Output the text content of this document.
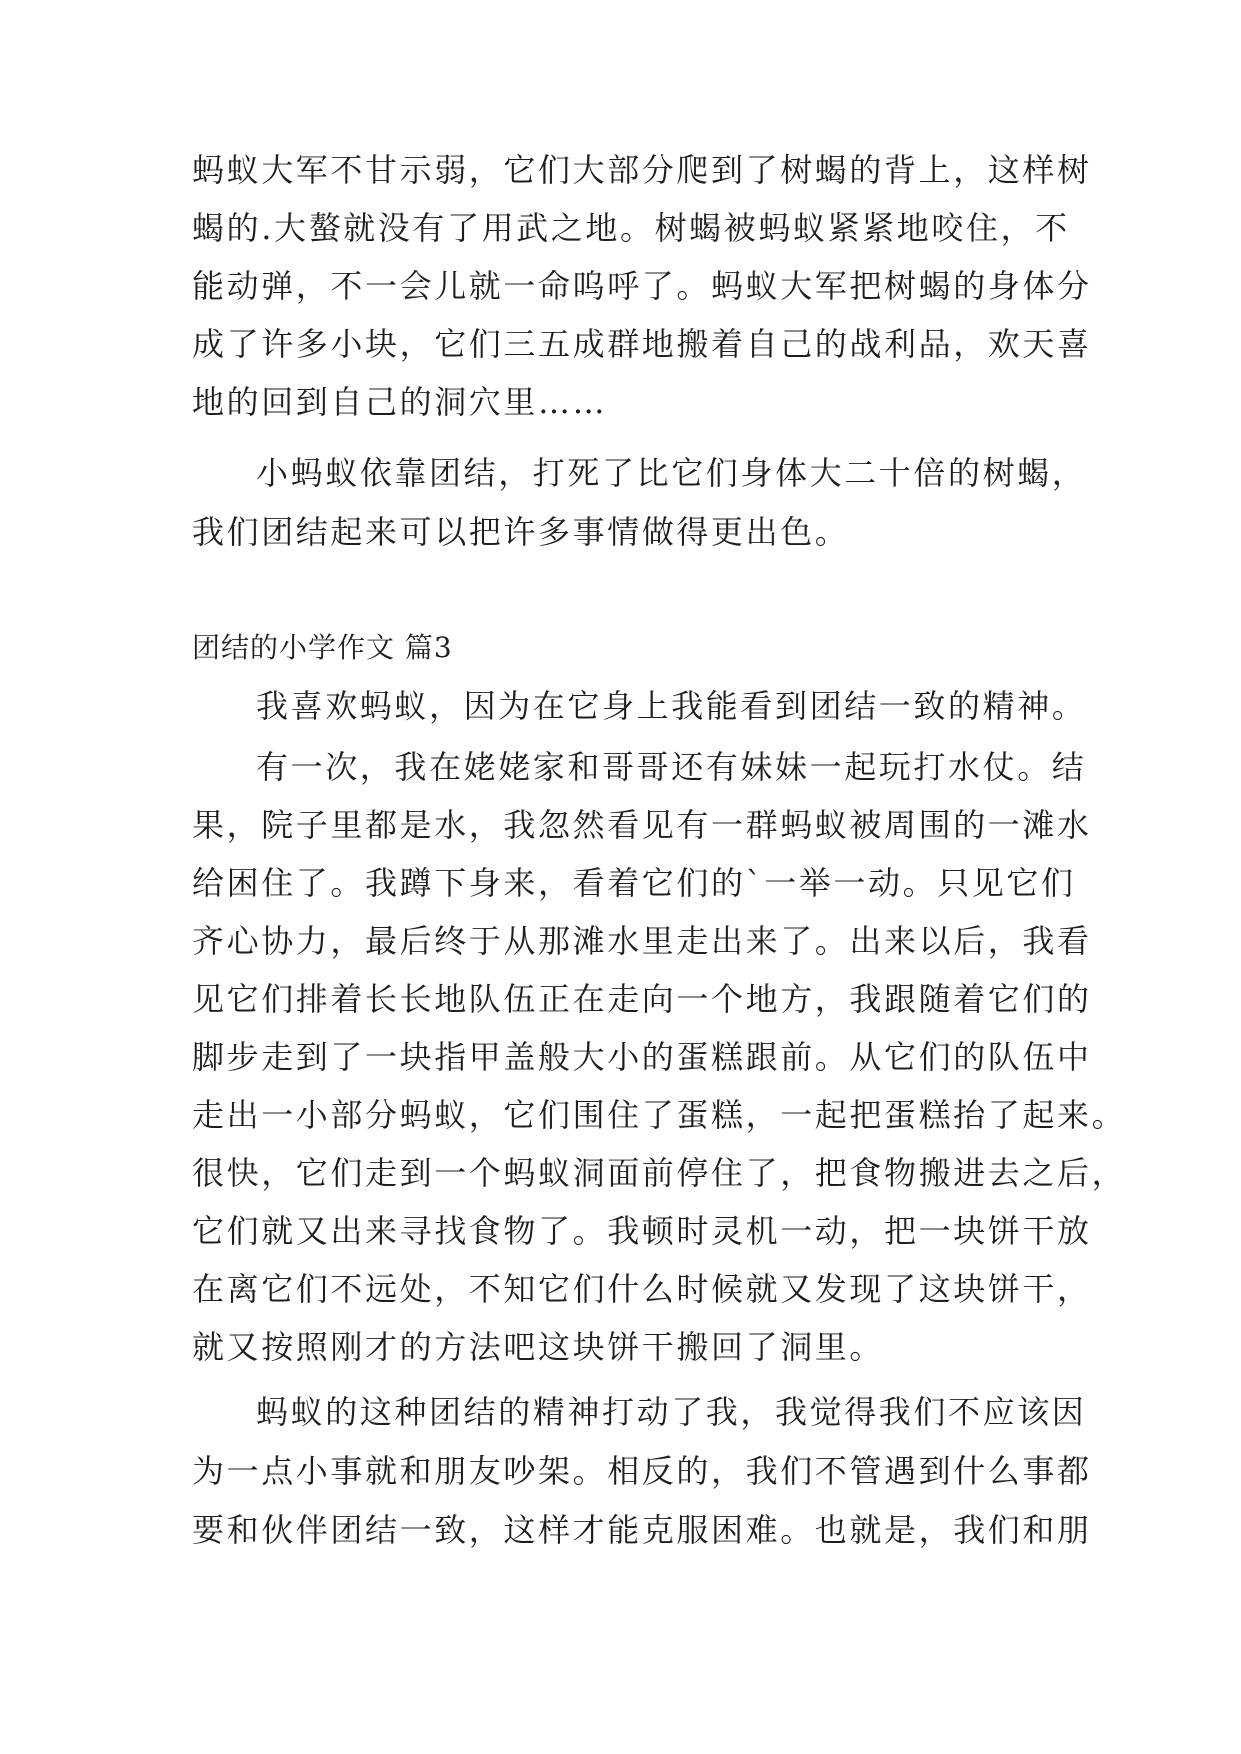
蚂蚁大军不甘示弱，它们大部分爬到了树蝎的背上，这样树
蝎的.大螯就没有了用武之地。树蝎被蚂蚁紧紧地咬住，不
能动弹，不一会儿就一命呜呼了。蚂蚁大军把树蝎的身体分
成了许多小块，它们三五成群地搬着自己的战利品，欢天喜
地的回到自己的洞穴里……
小蚂蚁依靠团结，打死了比它们身体大二十倍的树蝎，
我们团结起来可以把许多事情做得更出色。
团结的小学作文 篇3
我喜欢蚂蚁，因为在它身上我能看到团结一致的精神。
有一次，我在姥姥家和哥哥还有妹妹一起玩打水仗。结
果，院子里都是水，我忽然看见有一群蚂蚁被周围的一滩水
给困住了。我蹲下身来，看着它们的`一举一动。只见它们
齐心协力，最后终于从那滩水里走出来了。出来以后，我看
见它们排着长长地队伍正在走向一个地方，我跟随着它们的
脚步走到了一块指甲盖般大小的蛋糕跟前。从它们的队伍中
走出一小部分蚂蚁，它们围住了蛋糕，一起把蛋糕抬了起来。
很快，它们走到一个蚂蚁洞面前停住了，把食物搬进去之后，
它们就又出来寻找食物了。我顿时灵机一动，把一块饼干放
在离它们不远处，不知它们什么时候就又发现了这块饼干，
就又按照刚才的方法吧这块饼干搬回了洞里。
蚂蚁的这种团结的精神打动了我，我觉得我们不应该因
为一点小事就和朋友吵架。相反的，我们不管遇到什么事都
要和伙伴团结一致，这样才能克服困难。也就是，我们和朋
